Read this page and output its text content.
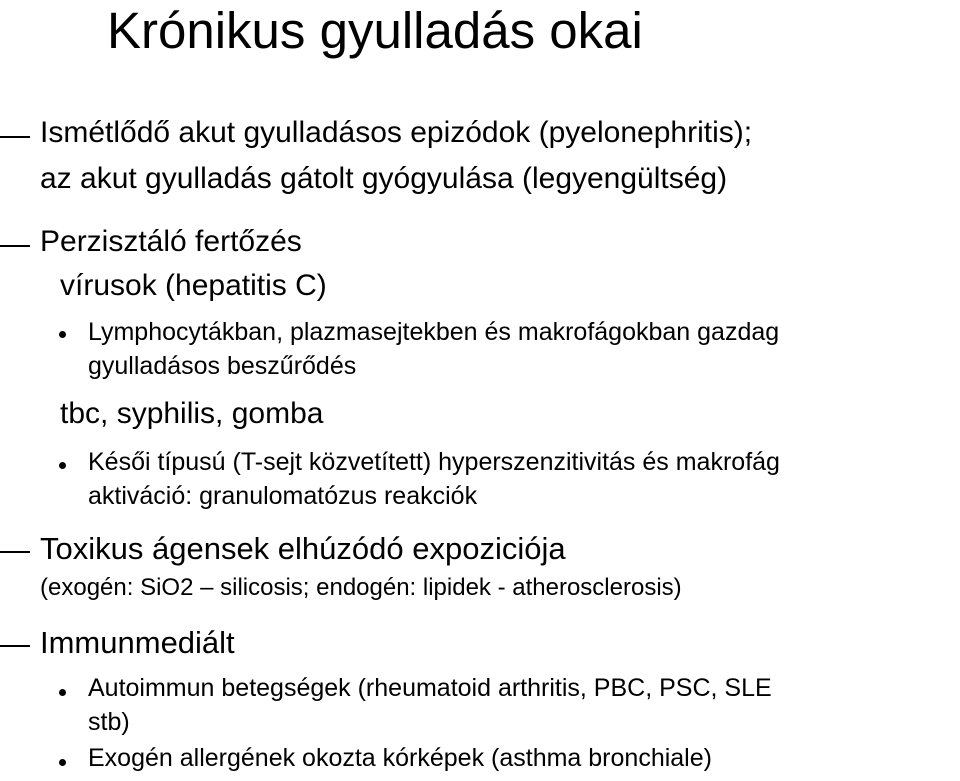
Krónikus gyulladás okai
Ismétlődő akut gyulladásos epizódok (pyelonephritis);
az akut gyulladás gátolt gyógyulása (legyengültség)
Perzisztáló fertőzés
vírusok (hepatitis C)
Lymphocytákban, plazmasejtekben és makrofágokban gazdag
gyulladásos beszűrődés
tbc, syphilis, gomba
Késői típusú (T-sejt közvetített) hyperszenzitivitás és makrofág
aktiváció: granulomatózus reakciók
Toxikus ágensek elhúzódó expoziciója
(exogén: SiO2 – silicosis; endogén: lipidek - atherosclerosis)
Immunmediált
Autoimmun betegségek (rheumatoid arthritis, PBC, PSC, SLE
stb)
Exogén allergének okozta kórképek (asthma bronchiale)
